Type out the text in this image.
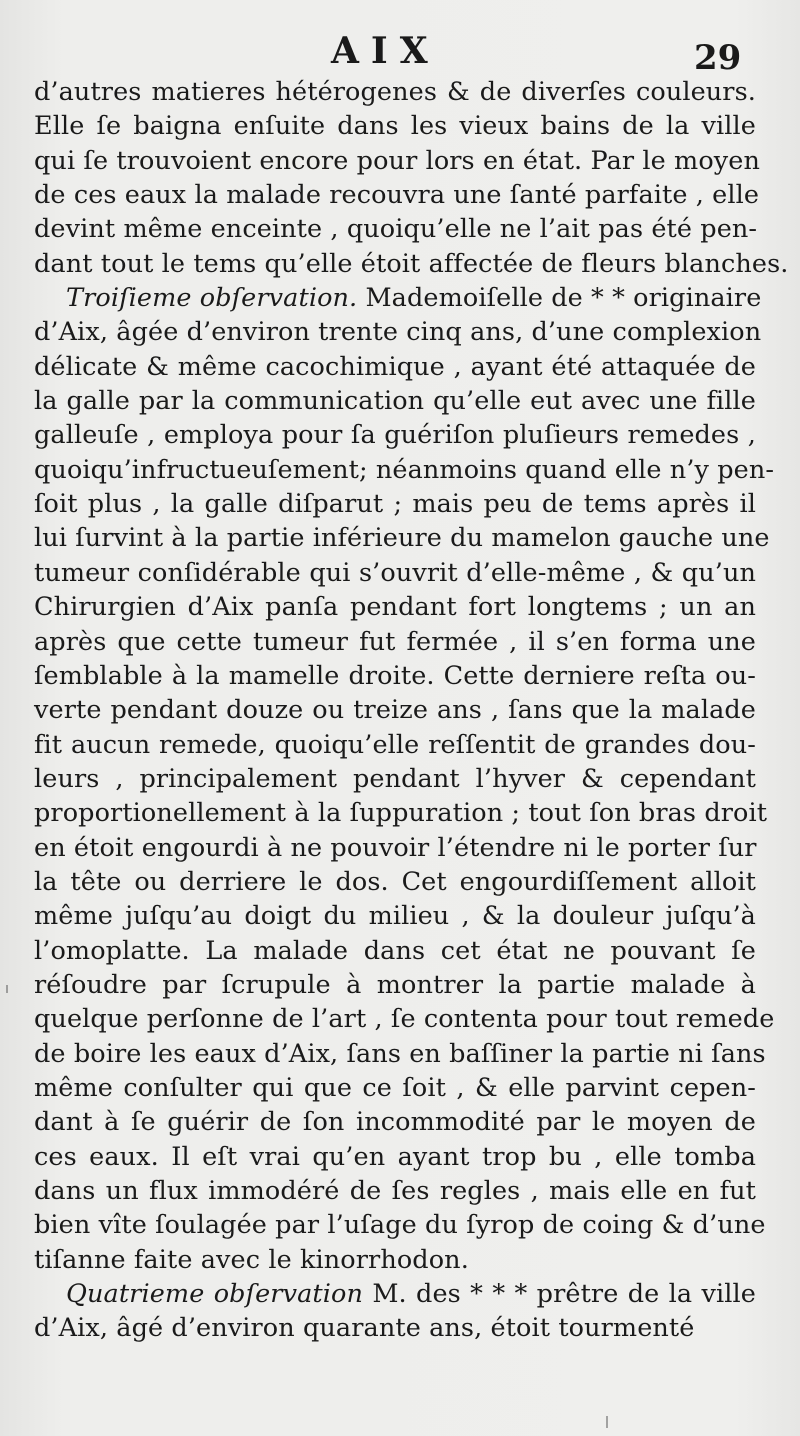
AIX	29
d’autres matieres hétérogenes & de diverſes couleurs.
Elle ſe baigna enſuite dans les vieux bains de la ville
qui ſe trouvoient encore pour lors en état. Par le moyen
de ces eaux la malade recouvra une ſanté parfaite , elle
devint même enceinte , quoiqu’elle ne l’ait pas été pen-
dant tout le tems qu’elle étoit affectée de fleurs blanches.
Troiſieme obſervation. Mademoiſelle de * * originaire
d’Aix, âgée d’environ trente cinq ans, d’une complexion
délicate & même cacochimique , ayant été attaquée de
la galle par la communication qu’elle eut avec une fille
galleuſe , employa pour ſa guériſon pluſieurs remedes ,
quoiqu’infructueuſement; néanmoins quand elle n’y pen-
ſoit plus , la galle diſparut ; mais peu de tems après il
lui ſurvint à la partie inférieure du mamelon gauche une
tumeur conſidérable qui s’ouvrit d’elle-même , & qu’un
Chirurgien d’Aix panſa pendant fort longtems ; un an
après que cette tumeur fut fermée , il s’en forma une
ſemblable à la mamelle droite. Cette derniere reſta ou-
verte pendant douze ou treize ans , ſans que la malade
fit aucun remede, quoiqu’elle reſſentit de grandes dou-
leurs , principalement pendant l’hyver & cependant
proportionellement à la ſuppuration ; tout ſon bras droit
en étoit engourdi à ne pouvoir l’étendre ni le porter ſur
la tête ou derriere le dos. Cet engourdiſſement alloit
même juſqu’au doigt du milieu , & la douleur juſqu’à
l’omoplatte. La malade dans cet état ne pouvant ſe
réſoudre par ſcrupule à montrer la partie malade à
quelque perſonne de l’art , ſe contenta pour tout remede
de boire les eaux d’Aix, ſans en baſſiner la partie ni ſans
même conſulter qui que ce ſoit , & elle parvint cepen-
dant à ſe guérir de ſon incommodité par le moyen de
ces eaux. Il eſt vrai qu’en ayant trop bu , elle tomba
dans un flux immodéré de ſes regles , mais elle en fut
bien vîte ſoulagée par l’uſage du ſyrop de coing & d’une
tiſanne faite avec le kinorrhodon.
Quatrieme obſervation M. des * * * prêtre de la ville
d’Aix, âgé d’environ quarante ans, étoit tourmenté
